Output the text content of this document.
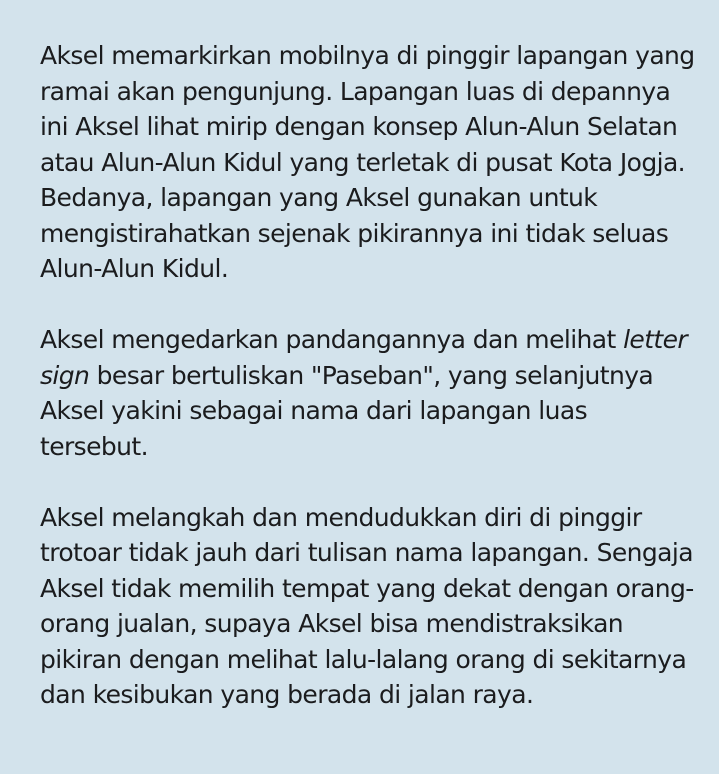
Aksel memarkirkan mobilnya di pinggir lapangan yang ramai akan pengunjung. Lapangan luas di depannya ini Aksel lihat mirip dengan konsep Alun-Alun Selatan atau Alun-Alun Kidul yang terletak di pusat Kota Jogja. Bedanya, lapangan yang Aksel gunakan untuk mengistirahatkan sejenak pikirannya ini tidak seluas Alun-Alun Kidul.

Aksel mengedarkan pandangannya dan melihat letter sign besar bertuliskan "Paseban", yang selanjutnya Aksel yakini sebagai nama dari lapangan luas tersebut.

Aksel melangkah dan mendudukkan diri di pinggir trotoar tidak jauh dari tulisan nama lapangan. Sengaja Aksel tidak memilih tempat yang dekat dengan orang-orang jualan, supaya Aksel bisa mendistraksikan pikiran dengan melihat lalu-lalang orang di sekitarnya dan kesibukan yang berada di jalan raya.
